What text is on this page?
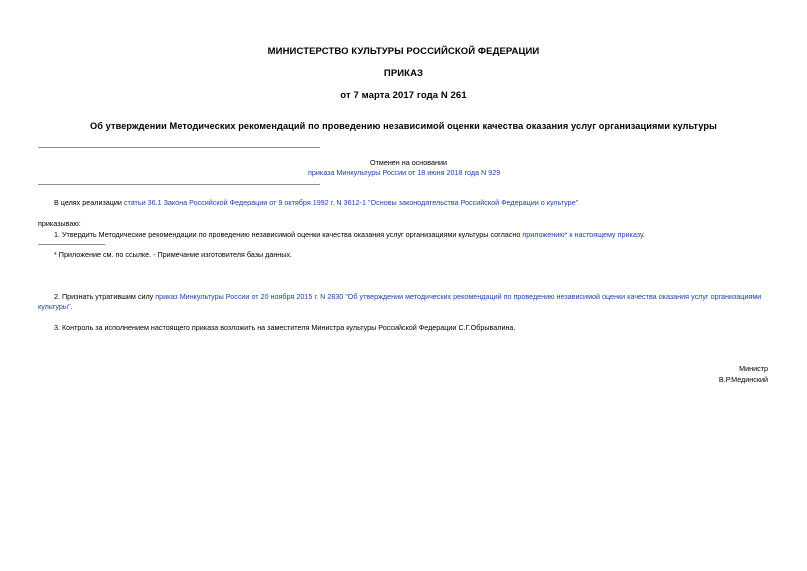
МИНИСТЕРСТВО КУЛЬТУРЫ РОССИЙСКОЙ ФЕДЕРАЦИИ
ПРИКАЗ
от 7 марта 2017 года N 261
Об утверждении Методических рекомендаций по проведению независимой оценки качества оказания услуг организациями культуры
Отменен на основании
приказа Минкультуры России от 18 июня 2018 года N 929
В целях реализации статьи 36.1 Закона Российской Федерации от 9 октября 1992 г. N 3612-1 "Основы законодательства Российской Федерации о культуре"
приказываю:
1. Утвердить Методические рекомендации по проведению независимой оценки качества оказания услуг организациями культуры согласно приложению* к настоящему приказу.
* Приложение см. по ссылке. - Примечание изготовителя базы данных.
2. Признать утратившим силу приказ Минкультуры России от 20 ноября 2015 г. N 2830 "Об утверждении методических рекомендаций по проведению независимой оценки качества оказания услуг организациями культуры".
3. Контроль за исполнением настоящего приказа возложить на заместителя Министра культуры Российской Федерации С.Г.Обрывалина.
Министр
В.Р.Мединский
